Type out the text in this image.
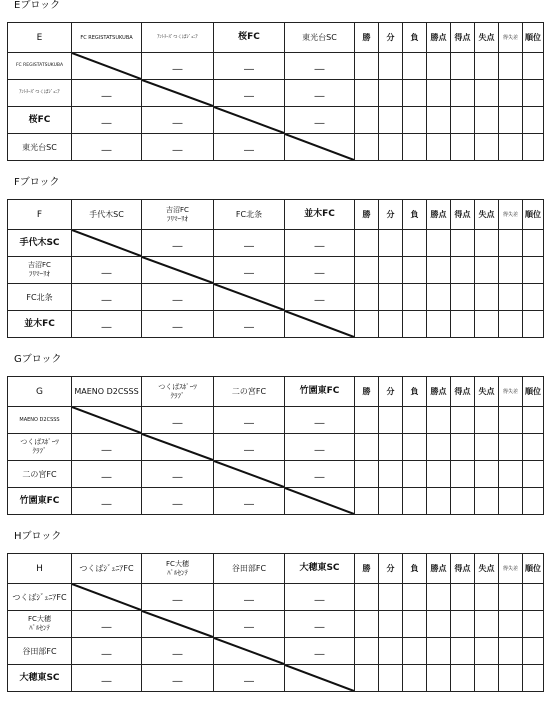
Eブロック
E	FC REGISTATSUKUBA	ｱﾝﾄﾗｰｽﾞつくばｼﾞｭﾆｱ	桜FC	東光台SC	勝	分	負	勝点	得点	失点	得失差	順位

FC REGISTATSUKUBA		―	―	―								

ｱﾝﾄﾗｰｽﾞつくばｼﾞｭﾆｱ	―		―	―								

桜FC	―	―		―								

東光台SC	―	―	―	

Fブロック
F	手代木SC	吉沼FC
ﾌﾘﾏｰﾘｵ	FC北条	並木FC	勝	分	負	勝点	得点	失点	得失差	順位

手代木SC		―	―	―								

吉沼FC
ﾌﾘﾏｰﾘｵ	―		―	―								

FC北条	―	―		―								

並木FC	―	―	―	

Gブロック
G	MAENO D2CSSS	つくばｽﾎﾟｰﾂ
ｸﾗﾌﾞ	二の宮FC	竹園東FC	勝	分	負	勝点	得点	失点	得失差	順位

MAENO D2CSSS		―	―	―								

つくばｽﾎﾟｰﾂ
ｸﾗﾌﾞ	―		―	―								

二の宮FC	―	―		―								

竹園東FC	―	―	―	

Hブロック
H	つくばｼﾞｭﾆｱFC	FC大穂
ﾊﾟﾙｾﾝﾃ	谷田部FC	大穂東SC	勝	分	負	勝点	得点	失点	得失差	順位

つくばｼﾞｭﾆｱFC		―	―	―								

FC大穂
ﾊﾟﾙｾﾝﾃ	―		―	―								

谷田部FC	―	―		―								

大穂東SC	―	―	―	
